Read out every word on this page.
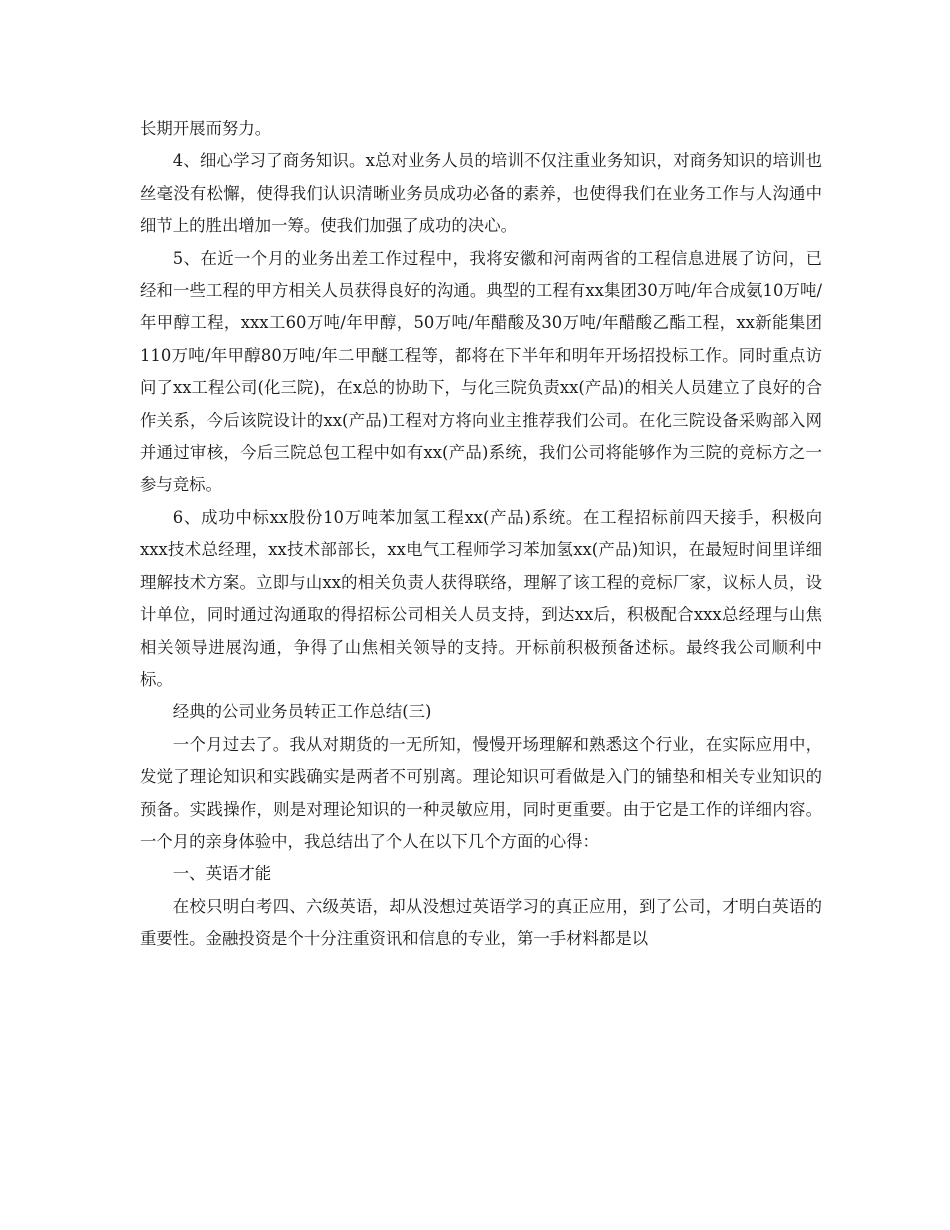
长期开展而努力。

4、细心学习了商务知识。x总对业务人员的培训不仅注重业务知识，对商务知识的培训也丝毫没有松懈，使得我们认识清晰业务员成功必备的素养，也使得我们在业务工作与人沟通中细节上的胜出增加一筹。使我们加强了成功的决心。

5、在近一个月的业务出差工作过程中，我将安徽和河南两省的工程信息进展了访问，已经和一些工程的甲方相关人员获得良好的沟通。典型的工程有xx集团30万吨/年合成氨10万吨/年甲醇工程，xxx工60万吨/年甲醇，50万吨/年醋酸及30万吨/年醋酸乙酯工程，xx新能集团110万吨/年甲醇80万吨/年二甲醚工程等，都将在下半年和明年开场招投标工作。同时重点访问了xx工程公司(化三院)，在x总的协助下，与化三院负责xx(产品)的相关人员建立了良好的合作关系，今后该院设计的xx(产品)工程对方将向业主推荐我们公司。在化三院设备采购部入网并通过审核，今后三院总包工程中如有xx(产品)系统，我们公司将能够作为三院的竞标方之一参与竞标。

6、成功中标xx股份10万吨苯加氢工程xx(产品)系统。在工程招标前四天接手，积极向xxx技术总经理，xx技术部部长，xx电气工程师学习苯加氢xx(产品)知识，在最短时间里详细理解技术方案。立即与山xx的相关负责人获得联络，理解了该工程的竞标厂家，议标人员，设计单位，同时通过沟通取的得招标公司相关人员支持，到达xx后，积极配合xxx总经理与山焦相关领导进展沟通，争得了山焦相关领导的支持。开标前积极预备述标。最终我公司顺利中标。

经典的公司业务员转正工作总结(三)

一个月过去了。我从对期货的一无所知，慢慢开场理解和熟悉这个行业，在实际应用中，发觉了理论知识和实践确实是两者不可别离。理论知识可看做是入门的铺垫和相关专业知识的预备。实践操作，则是对理论知识的一种灵敏应用，同时更重要。由于它是工作的详细内容。一个月的亲身体验中，我总结出了个人在以下几个方面的心得：

一、英语才能

在校只明白考四、六级英语，却从没想过英语学习的真正应用，到了公司，才明白英语的重要性。金融投资是个十分注重资讯和信息的专业，第一手材料都是以
